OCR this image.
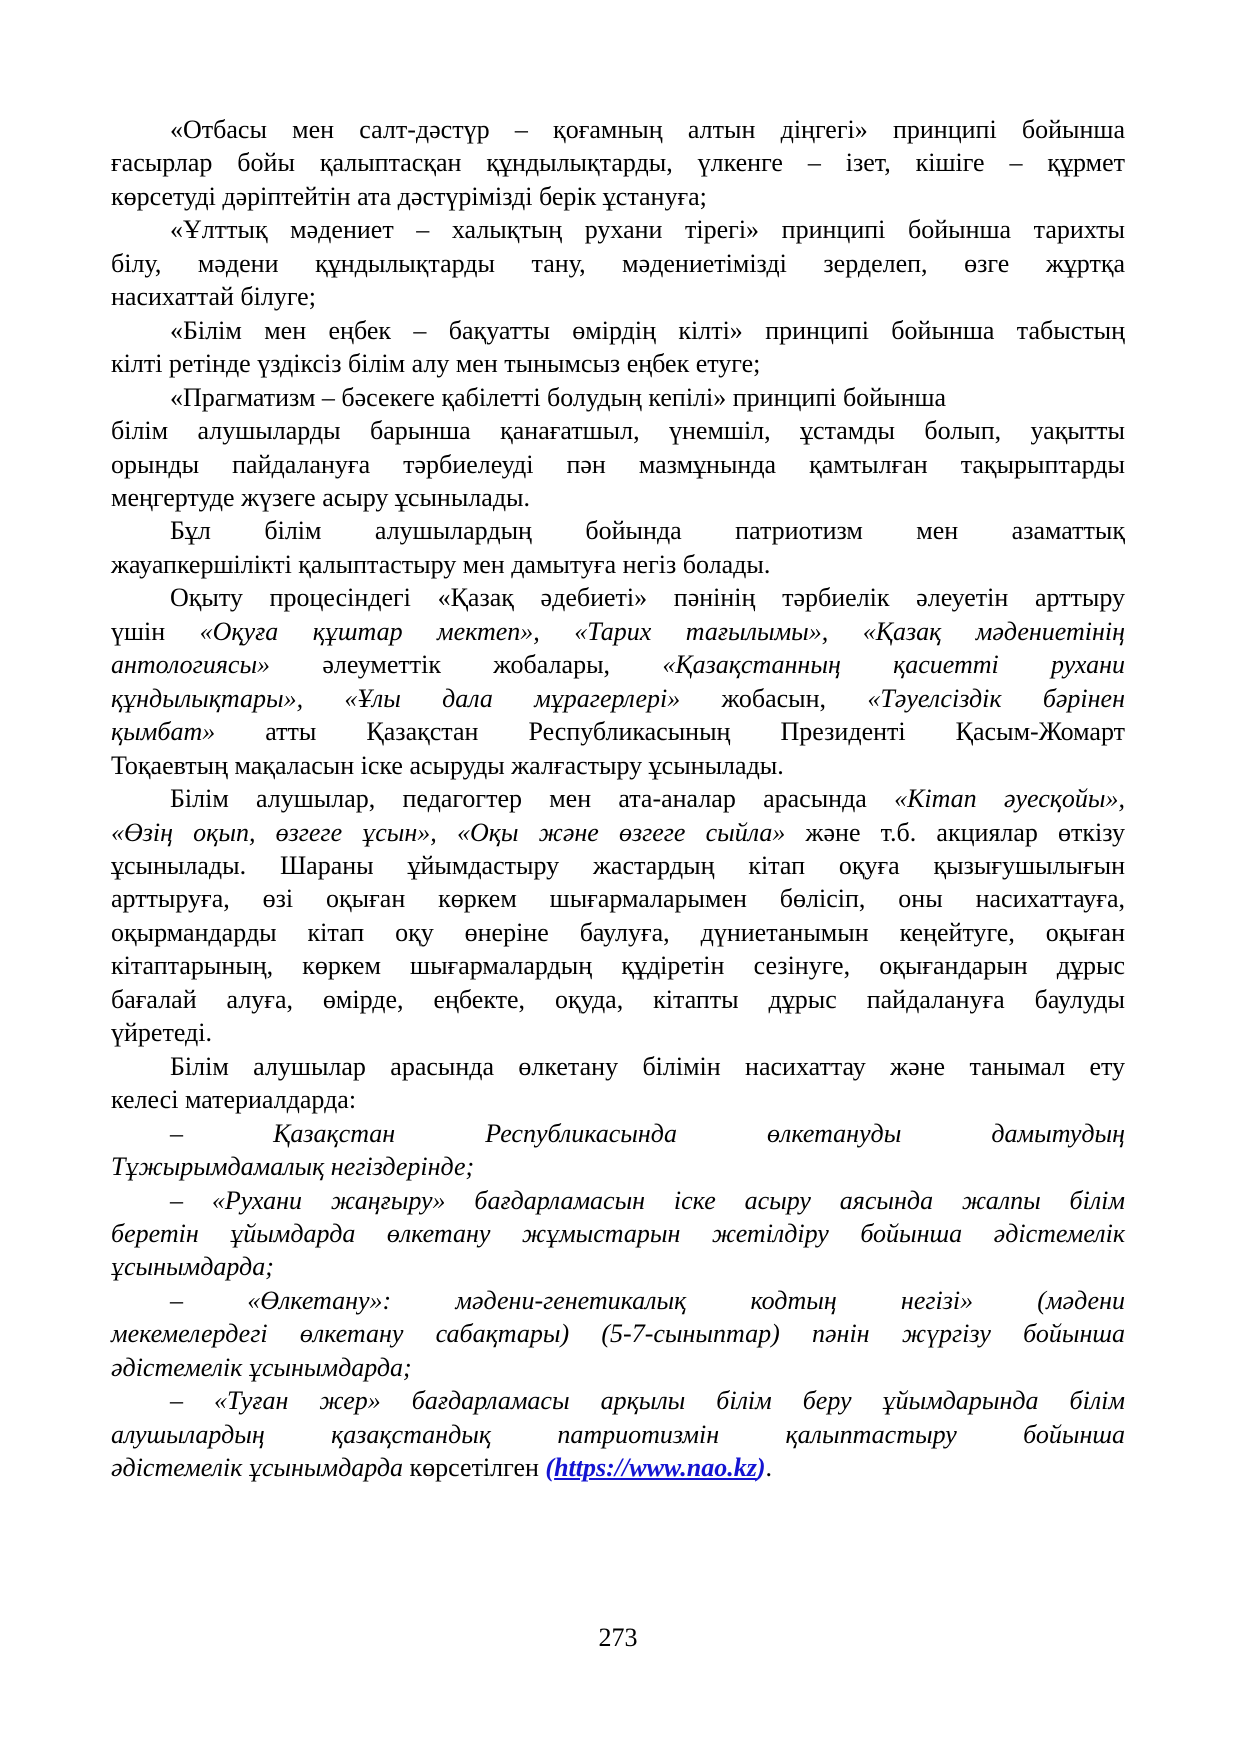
«Отбасы мен салт-дәстүр – қоғамның алтын діңгегі» принципі бойынша
ғасырлар бойы қалыптасқан құндылықтарды, үлкенге – ізет, кішіге – құрмет
көрсетуді дәріптейтін ата дәстүрімізді берік ұстануға;
«Ұлттық мәдениет – халықтың рухани тірегі» принципі бойынша тарихты
білу, мәдени құндылықтарды тану, мәдениетімізді зерделеп, өзге жұртқа
насихаттай білуге;
«Білім мен еңбек – бақуатты өмірдің кілті» принципі бойынша табыстың
кілті ретінде үздіксіз білім алу мен тынымсыз еңбек етуге;
«Прагматизм – бәсекеге қабілетті болудың кепілі» принципі бойынша
білім алушыларды барынша қанағатшыл, үнемшіл, ұстамды болып, уақытты
орынды пайдалануға тәрбиелеуді пән мазмұнында қамтылған тақырыптарды
меңгертуде жүзеге асыру ұсынылады.
Бұл білім алушылардың бойында патриотизм мен азаматтық
жауапкершілікті қалыптастыру мен дамытуға негіз болады.
Оқыту процесіндегі «Қазақ әдебиеті» пәнінің тәрбиелік әлеуетін арттыру
үшін «Оқуға құштар мектеп», «Тарих тағылымы», «Қазақ мәдениетінің
антологиясы» әлеуметтік жобалары, «Қазақстанның қасиетті рухани
құндылықтары», «Ұлы дала мұрагерлері» жобасын, «Тәуелсіздік бәрінен
қымбат» атты Қазақстан Республикасының Президенті Қасым-Жомарт
Тоқаевтың мақаласын іске асыруды жалғастыру ұсынылады.
Білім алушылар, педагогтер мен ата-аналар арасында «Кітап әуесқойы»,
«Өзің оқып, өзгеге ұсын», «Оқы және өзгеге сыйла» және т.б. акциялар өткізу
ұсынылады. Шараны ұйымдастыру жастардың кітап оқуға қызығушылығын
арттыруға, өзі оқыған көркем шығармаларымен бөлісіп, оны насихаттауға,
оқырмандарды кітап оқу өнеріне баулуға, дүниетанымын кеңейтуге, оқыған
кітаптарының, көркем шығармалардың құдіретін сезінуге, оқығандарын дұрыс
бағалай алуға, өмірде, еңбекте, оқуда, кітапты дұрыс пайдалануға баулуды
үйретеді.
Білім алушылар арасында өлкетану білімін насихаттау және танымал ету
келесі материалдарда:
– Қазақстан Республикасында өлкетануды дамытудың
Тұжырымдамалық негіздерінде;
– «Рухани жаңғыру» бағдарламасын іске асыру аясында жалпы білім
беретін ұйымдарда өлкетану жұмыстарын жетілдіру бойынша әдістемелік
ұсынымдарда;
– «Өлкетану»: мәдени-генетикалық кодтың негізі» (мәдени
мекемелердегі өлкетану сабақтары) (5-7-сыныптар) пәнін жүргізу бойынша
әдістемелік ұсынымдарда;
– «Туған жер» бағдарламасы арқылы білім беру ұйымдарында білім
алушылардың қазақстандық патриотизмін қалыптастыру бойынша
әдістемелік ұсынымдарда көрсетілген (https://www.nao.kz).
273
